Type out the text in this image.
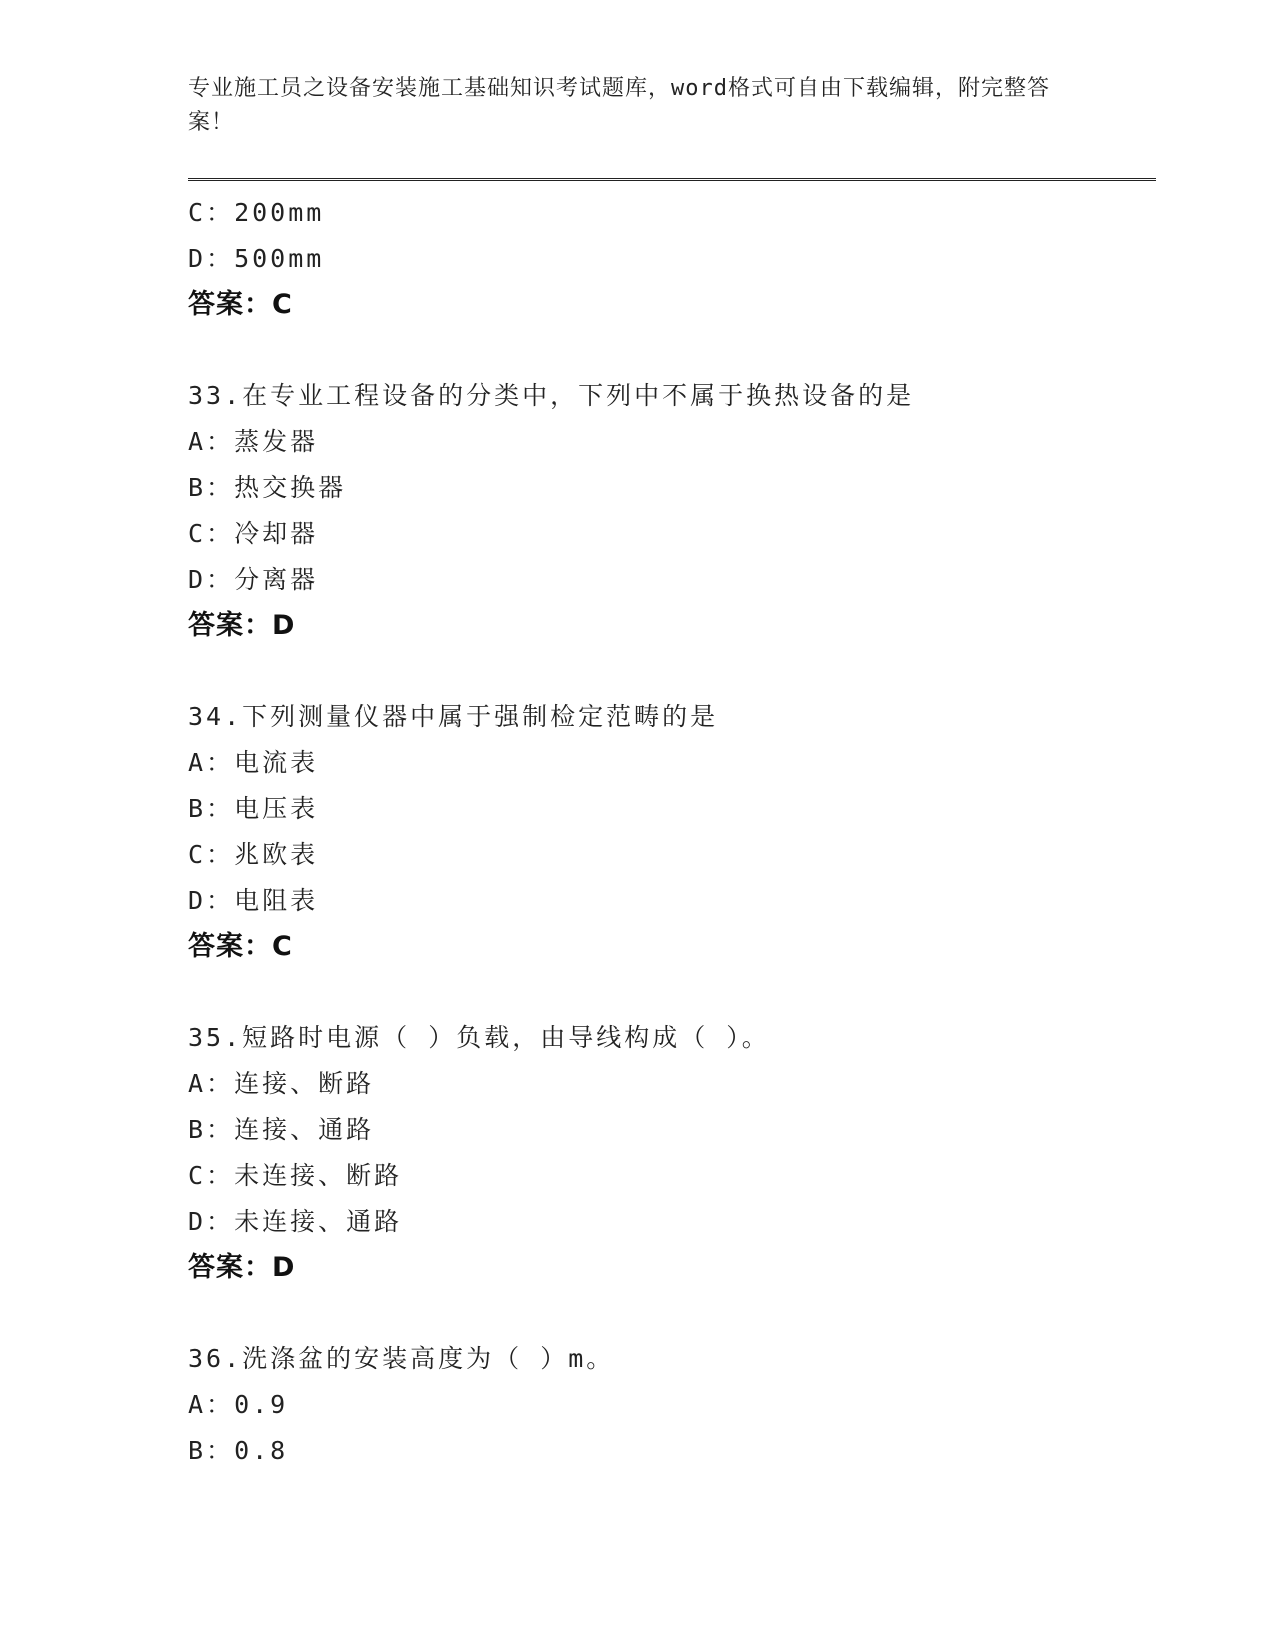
专业施工员之设备安装施工基础知识考试题库，word格式可自由下载编辑，附完整答案！
C：200mm
D：500mm
答案：C
33.在专业工程设备的分类中，下列中不属于换热设备的是
A：蒸发器
B：热交换器
C：冷却器
D：分离器
答案：D
34.下列测量仪器中属于强制检定范畴的是
A：电流表
B：电压表
C：兆欧表
D：电阻表
答案：C
35.短路时电源（ ）负载，由导线构成（ ）。
A：连接、断路
B：连接、通路
C：未连接、断路
D：未连接、通路
答案：D
36.洗涤盆的安装高度为（ ）m。
A：0.9
B：0.8
